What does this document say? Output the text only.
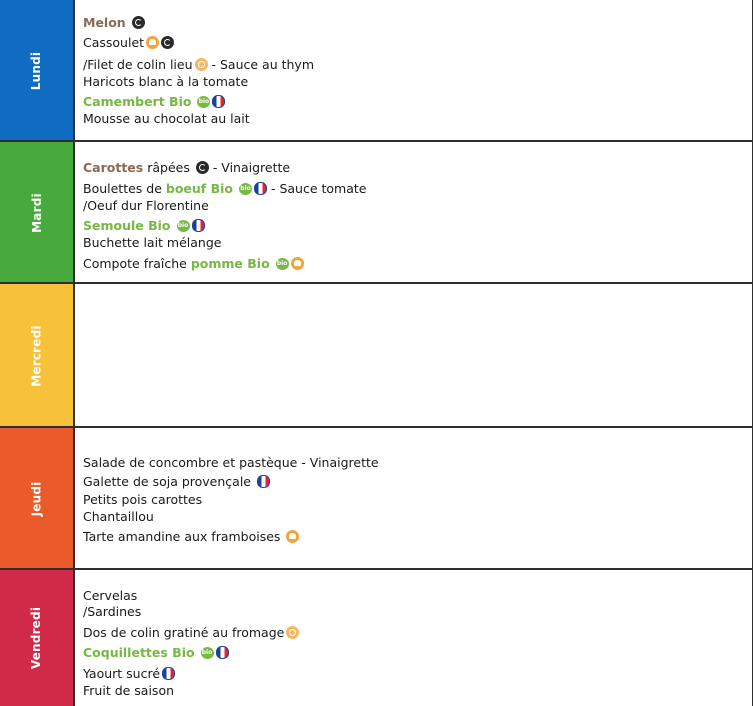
Lundi
Melon
Cassoulet
/Filet de colin lieu - Sauce au thym
Haricots blanc à la tomate
Camembert Bio bio
Mousse au chocolat au lait
Mardi
Carottes râpées  - Vinaigrette
Boulettes de boeuf Bio bio	- Sauce tomate
/Oeuf dur Florentine
Semoule Bio bio
Buchette lait mélange
Compote fraîche pomme Bio bio
Mercredi
Jeudi
Salade de concombre et pastèque - Vinaigrette
Galette de soja provençale
Petits pois carottes
Chantaillou
Tarte amandine aux framboises
Vendredi
Cervelas
/Sardines
Dos de colin gratiné au fromage
Coquillettes Bio bio
Yaourt sucré
Fruit de saison
